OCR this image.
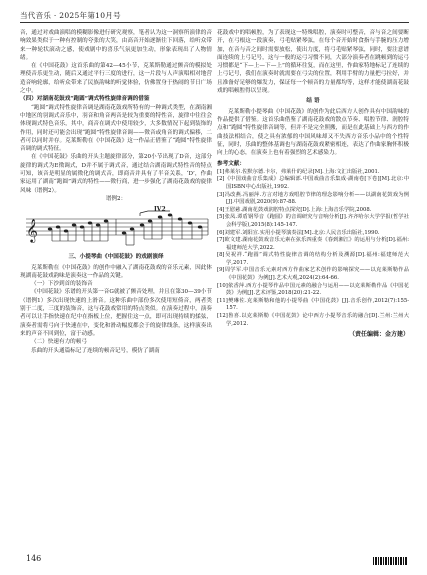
当代音乐 · 2025年第10月号

音，通过对戏曲演唱的模糊影像进行研究观察，笔者认为这一洞察所演律的音响效果类似于一种有控制的夸张的大笑，由高音开始逐渐往下回落，给听众带来一种轮状滚动之感，使戏剧中的喜乐气氛更加生动，形象表现出了人物情绪。

在《中国花鼓》这首乐曲的第42—45小节，克莱斯勒通过颤音的模拟处理使音乐更生动，随后又通过平行三度的进行，这一片段与人声演唱相对地营造音响轮廓，给听众带来了民族韵味的听觉体验，仿佛置身于热闹的节日广场之中。

（四）对湖南花鼓戏“跑圆”调式特性旋律音调的借鉴

“跑圆”调式特性旋律音调是湖南花鼓戏所特有的一种调式类型，在湖南湘中地区的羽调式音乐中，羽音和角音两音是较为重要的特性音，旋律中往往会体现调式特色音乐，其中，商音在调式中使用较少，大多数情况下起到装饰的作用，同时还可能会出现“跑圆”特性旋律音调——徵音或角音的调式偏移，二者可以同时并存。克莱斯勒在《中国花鼓》这一作品正借鉴了“跑圆”特性旋律音调的调式特征。

在《中国花鼓》乐曲的开头主题旋律部分，第20小节出现了D音，这部分旋律的调式为E徵调式，D并不属于调式音，通过结合湖南调式特性音的特点可知，该音是明显的属徵化的调式音，即商音并具有了半音关系，‘D’，作曲家运用了湖南“跑圆”调式的特性——徵行商，进一步强化了湖南花鼓戏的旋律风味（谱例2）。

谱例2：

𝄞
IV2

三、小提琴曲《中国花鼓》的戏剧演绎

克莱斯勒在《中国花鼓》的创作中融入了湖南花鼓戏的音乐元素，因此体现湖南花鼓戏韵味是演奏这一作品的关键。

（一）下沙到首的装饰音

《中国花鼓》乐谱的开头第一音G就被了颤音处理，并且在第30—39小节（谱例1）多次出现快速的上滑音。这种乐曲中部份多次使用短倚音，两者类别于二度，三度的装饰音，这与花鼓戏常用的特点类似。在演奏过程中，演奏者可以让手指快速在纪中在指板上位，把握住这一点，即可出现持续的揉弦，演奏者需将弓向于快速在中，变化和滑动幅度都会于的旋律线条，这样演奏出来的声音不回到位，富于动感。

（二）快速有力的顿弓

乐曲的开头通篇标记了连续的顿音记号，模仿了湖南

花鼓戏中的唱顿腔，为了表现这一特殊唱腔，演奏时可整音，音与音之间要断开，在弓根这一段演奏，弓毛贴紧琴弦，在每个音开始时食指与手腕的压力增加，在音与音之间时需要放松，使出力度，将弓毛贴紧琴弦，同时，要注意谱面连续的上弓记号，这与一般的运弓习惯不同，大部分演奏者在跳顿到的运弓习惯都是“下—上—下—上”的循环往复，而在这里，作曲家特地标记了连续的上弓记号，我们在演奏时就需要在弓尖的位置，利用手臂的力量把弓拉好，并且准备好足够的爆发力，保证每一个顿音的力量都均等，这样才能使湖南花鼓戏的唱顿腔得以呈现。

结 语

克莱斯勒小提琴曲《中国花鼓》的创作为此后西方人创作具有中国韵味的作品提供了借鉴。这首乐曲借鉴了湖南花鼓戏的散点节奏、唱腔节律、润腔特点和“跑圆”特性旋律音调等，但并不是完全照搬，而是在此基础上与西方的作曲技法相结合，使之具有浓郁的中国风味却又不失西方音乐小品中的个性特征，同时，乐曲的整体基调也与湖南花鼓戏紧密相连，表达了作曲家胸怀积极向上的心态，在演奏上也有着强烈的艺术感染力。

参考文献：

[1]弗莱尔.佐默尔德.卡尔，弗莱什的纪录[M].上海:文汇出版社,2001.

[2]《中国戏曲音乐集成》总编辑部.中国戏曲音乐集成·湖南卷[下卷][M].北京:中国ISBN中心出版社,1992.

[3]冯改燕.冯丽萍.方言对地方戏唱腔节律的理念影响分析——以湖南花鼓戏为例[J].中国戏剧,2020(9):87-88.

[4]王慰慈.湖南花鼓戏润腔特点探究[D].上海:上海音乐学院,2008.

[5]张凤.谭盾钢琴音《跑圆》的音调研究与音响分析[J].齐齐哈尔大学学报(哲学社会科学版),2015(8):145-147.

[6]刘建军.刘阳宣.实用小提琴演奏法[M].北京:人民音乐出版社,1990.

[7]欧文建.湖南花鼓戏音乐元素在弦乐四重奏《春到湘江》的运用与分析[D].福州:福建师范大学,2022.

[8]吴祝祥.“跑圆”调式特性旋律音调的结构分析及溯源[D].福州:福建师范大学,2017.

[9]周学军.中国音乐元素对西方作曲家艺术创作的影响探究——以克莱斯勒作品《中国花鼓》为例[J].艺术大观,2024(2):64-66.

[10]依香萍.西方小提琴作品中国元素的融合与运用——以克莱斯勒作品《中国花鼓》为例[J].艺术评鉴,2018(20):21-22.

[11]樊琳佐.克莱斯勒和他的小提琴曲《中国花鼓》[J].音乐创作,2012(7):155-157.

[12]鲁喜.以克莱斯勒《中国花鼓》论中西方小提琴音乐的融合[D].兰州:兰州大学,2012.

（责任编辑：金方建）

146
